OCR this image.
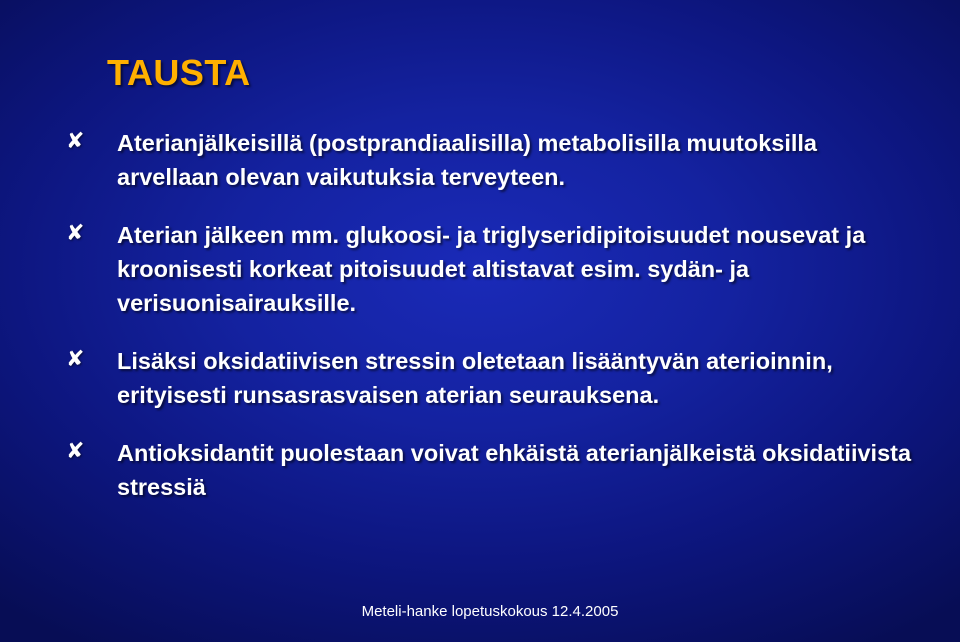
TAUSTA
✘ Aterianjälkeisillä (postprandiaalisilla) metabolisilla muutoksilla arvellaan olevan vaikutuksia terveyteen.
✘ Aterian jälkeen mm. glukoosi- ja triglyseridipitoisuudet nousevat ja kroonisesti korkeat pitoisuudet altistavat esim. sydän- ja verisuonisairauksille.
✘ Lisäksi oksidatiivisen stressin oletetaan lisääntyvän aterioinnin, erityisesti runsasrasvaisen aterian seurauksena.
✘ Antioksidantit puolestaan voivat ehkäistä aterianjälkeistä oksidatiivista stressiä
Meteli-hanke lopetuskokous 12.4.2005
